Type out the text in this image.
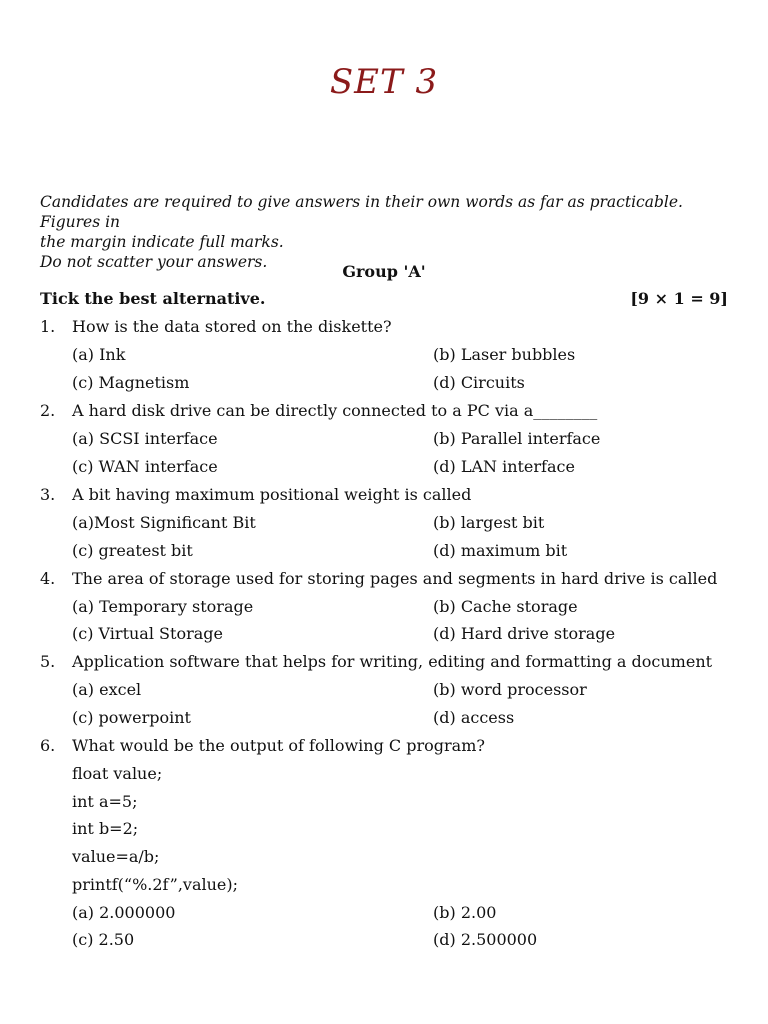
SET 3
Candidates are required to give answers in their own words as far as practicable. Figures in
the margin indicate full marks.
Do not scatter your answers.	Group 'A'
Tick the best alternative.	[9 × 1 = 9]
1. How is the data stored on the diskette?
(a) Ink	(b) Laser bubbles
(c) Magnetism	(d) Circuits
2. A hard disk drive can be directly connected to a PC via a________
(a) SCSI interface	(b) Parallel interface
(c) WAN interface	(d) LAN interface
3. A bit having maximum positional weight is called
(a)Most Significant Bit	(b) largest bit
(c) greatest bit	(d) maximum bit
4. The area of storage used for storing pages and segments in hard drive is called
(a) Temporary storage	(b) Cache storage
(c) Virtual Storage	(d) Hard drive storage
5. Application software that helps for writing, editing and formatting a document
(a) excel	(b) word processor
(c) powerpoint	(d) access
6. What would be the output of following C program?
float value;
int a=5;
int b=2;
value=a/b;
printf(“%.2f”,value);
(a) 2.000000	(b) 2.00
(c) 2.50	(d) 2.500000
